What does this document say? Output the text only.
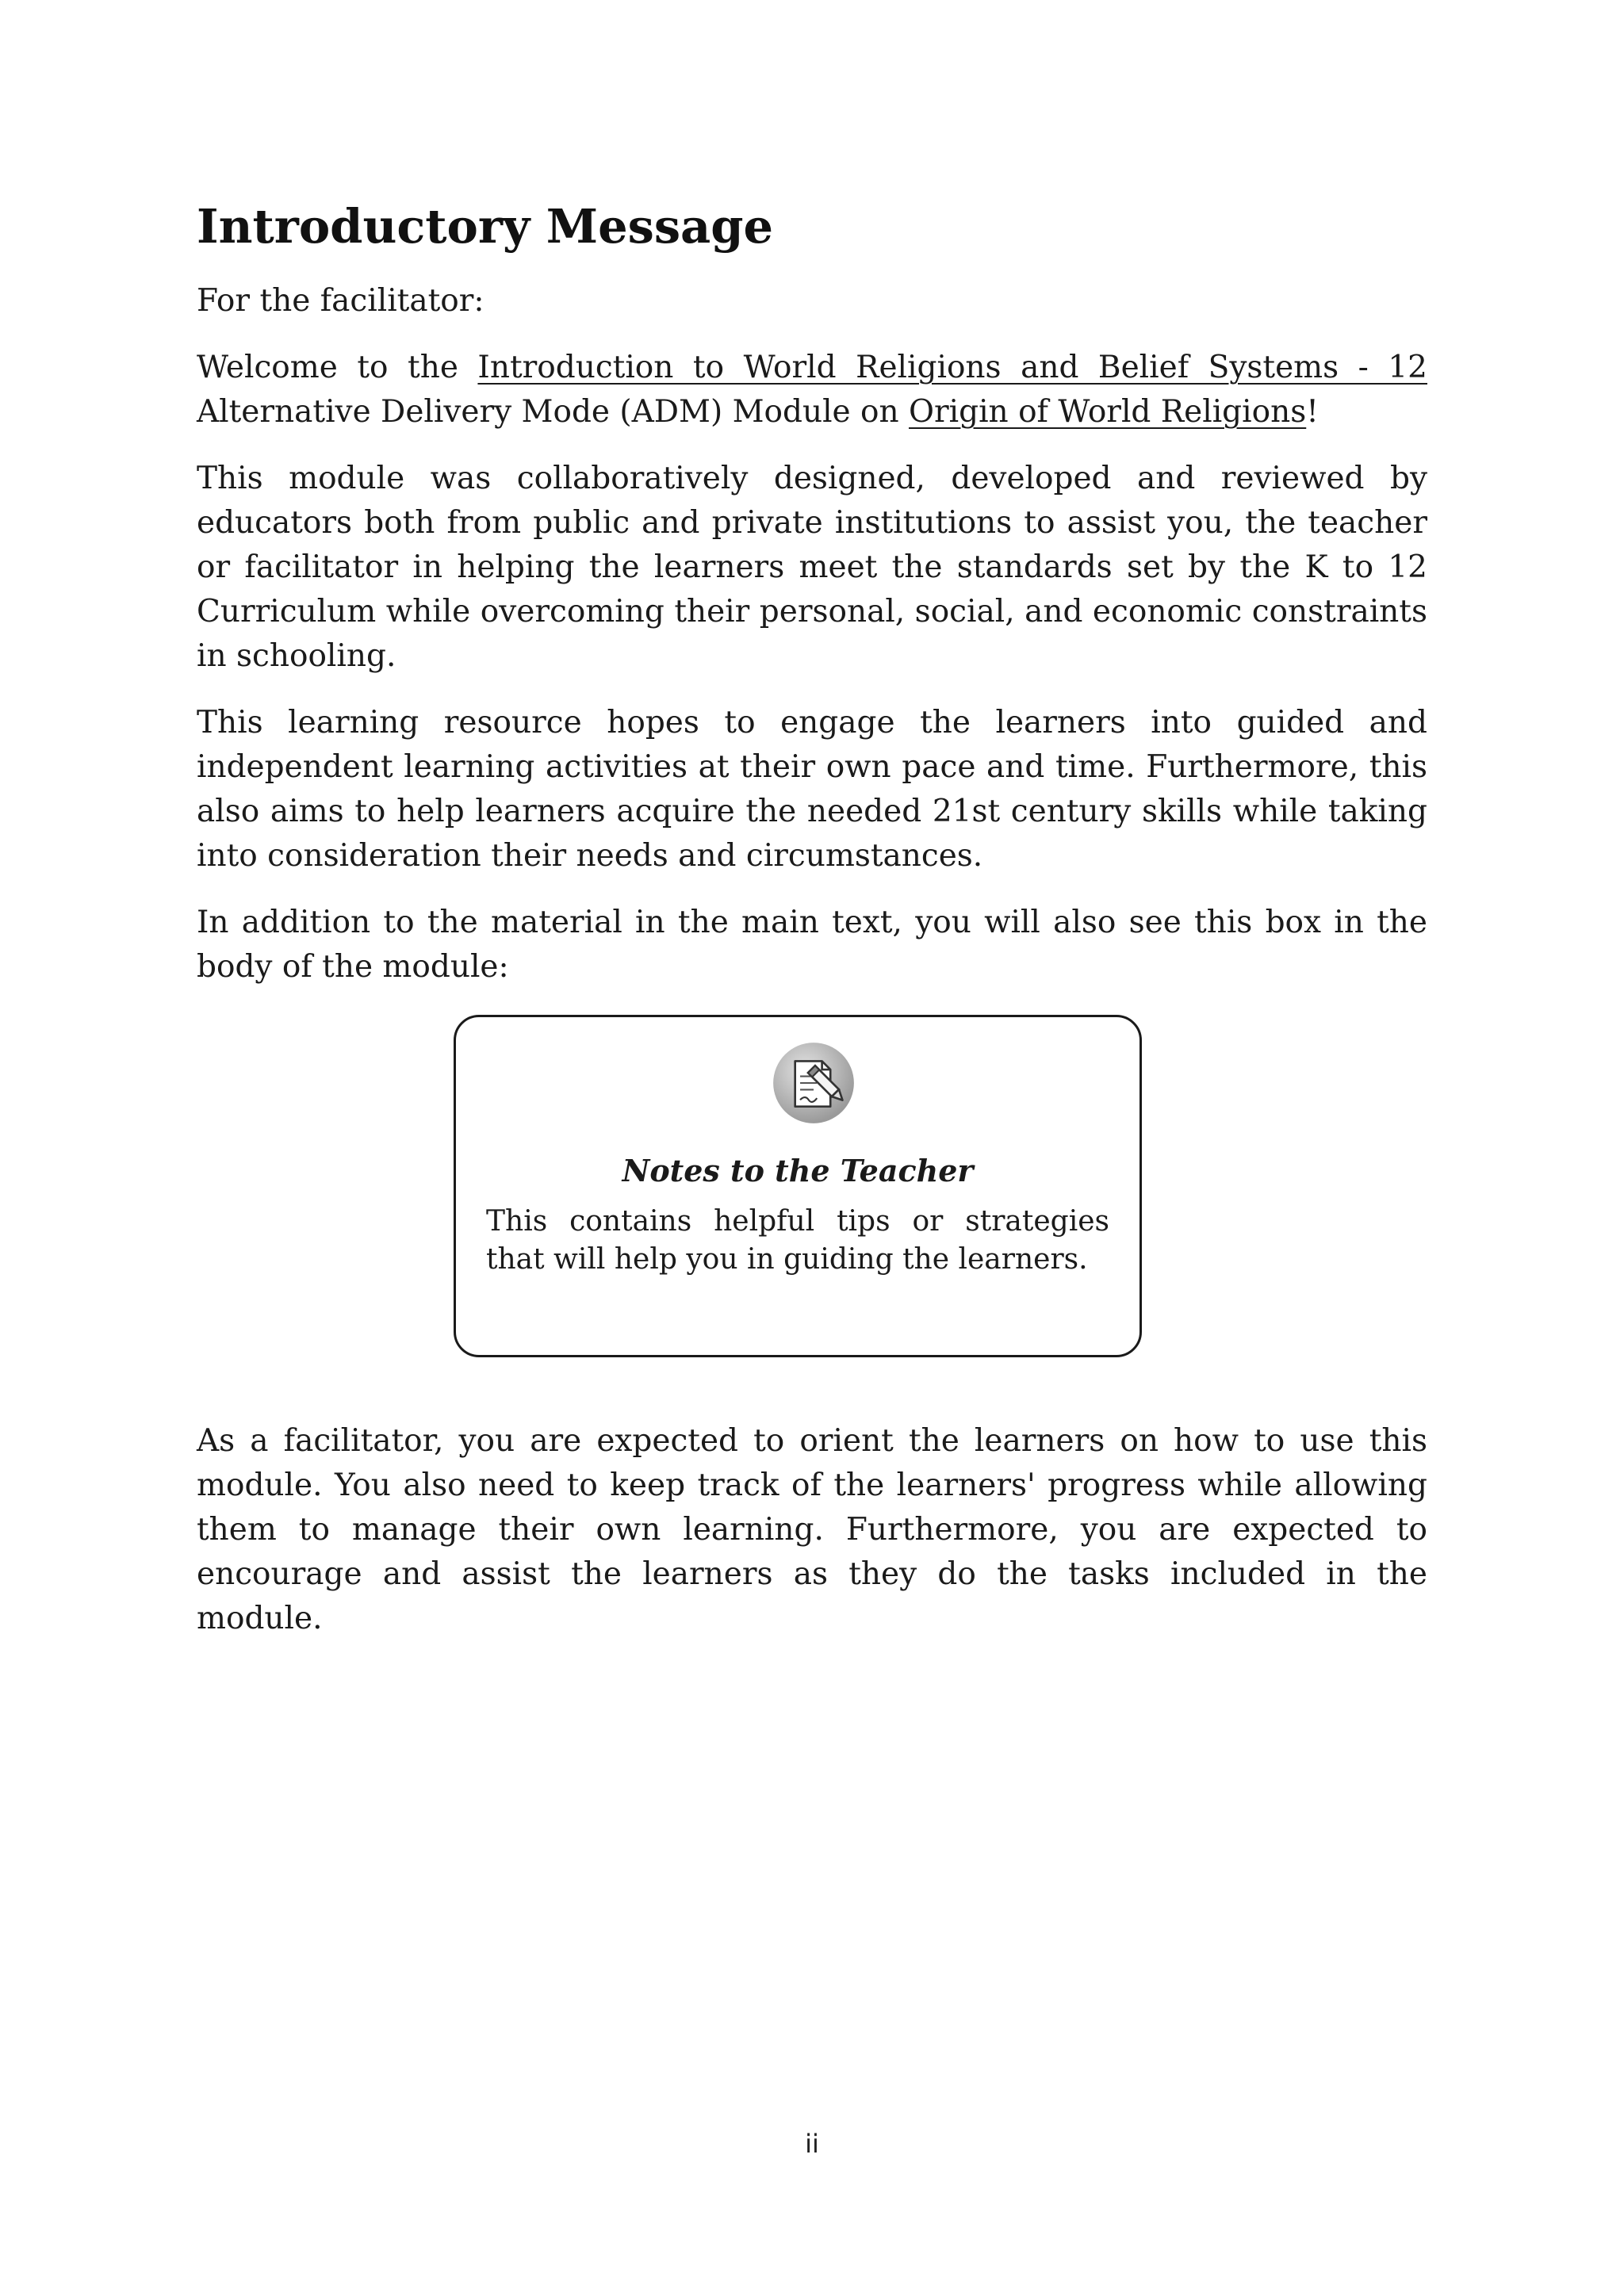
Introductory Message

For the facilitator:

Welcome to the Introduction to World Religions and Belief Systems - 12 Alternative Delivery Mode (ADM) Module on Origin of World Religions!

This module was collaboratively designed, developed and reviewed by educators both from public and private institutions to assist you, the teacher or facilitator in helping the learners meet the standards set by the K to 12 Curriculum while overcoming their personal, social, and economic constraints in schooling.

This learning resource hopes to engage the learners into guided and independent learning activities at their own pace and time. Furthermore, this also aims to help learners acquire the needed 21st century skills while taking into consideration their needs and circumstances.

In addition to the material in the main text, you will also see this box in the body of the module:

Notes to the Teacher

This contains helpful tips or strategies that will help you in guiding the learners.

As a facilitator, you are expected to orient the learners on how to use this module. You also need to keep track of the learners' progress while allowing them to manage their own learning. Furthermore, you are expected to encourage and assist the learners as they do the tasks included in the module.

ii
